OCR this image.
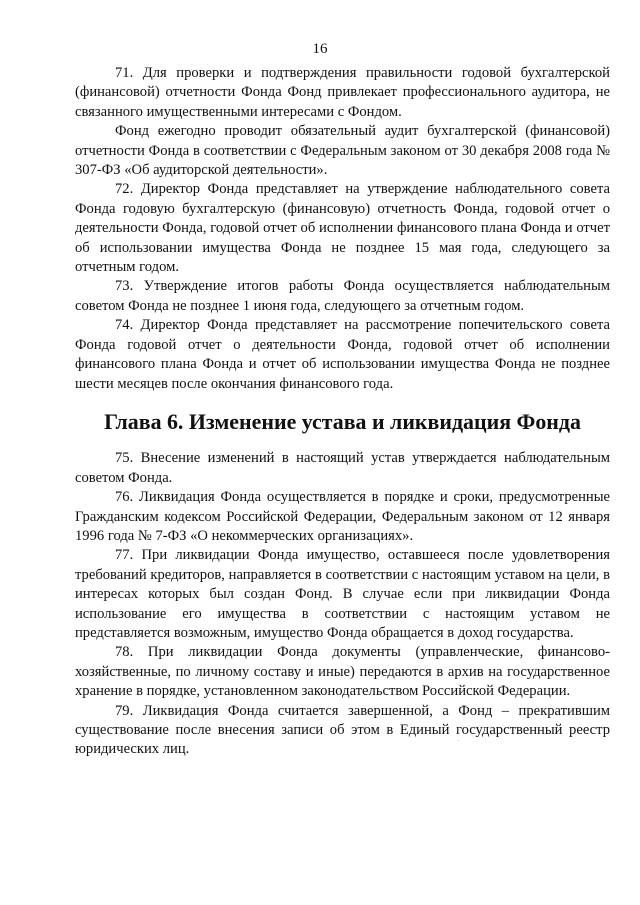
16

71. Для проверки и подтверждения правильности годовой бухгалтерской (финансовой) отчетности Фонда Фонд привлекает профессионального аудитора, не связанного имущественными интересами с Фондом.

Фонд ежегодно проводит обязательный аудит бухгалтерской (финансовой) отчетности Фонда в соответствии с Федеральным законом от 30 декабря 2008 года № 307-ФЗ «Об аудиторской деятельности».

72. Директор Фонда представляет на утверждение наблюдательного совета Фонда годовую бухгалтерскую (финансовую) отчетность Фонда, годовой отчет о деятельности Фонда, годовой отчет об исполнении финансового плана Фонда и отчет об использовании имущества Фонда не позднее 15 мая года, следующего за отчетным годом.

73. Утверждение итогов работы Фонда осуществляется наблюдательным советом Фонда не позднее 1 июня года, следующего за отчетным годом.

74. Директор Фонда представляет на рассмотрение попечительского совета Фонда годовой отчет о деятельности Фонда, годовой отчет об исполнении финансового плана Фонда и отчет об использовании имущества Фонда не позднее шести месяцев после окончания финансового года.

Глава 6. Изменение устава и ликвидация Фонда

75. Внесение изменений в настоящий устав утверждается наблюдательным советом Фонда.

76. Ликвидация Фонда осуществляется в порядке и сроки, предусмотренные Гражданским кодексом Российской Федерации, Федеральным законом от 12 января 1996 года № 7-ФЗ «О некоммерческих организациях».

77. При ликвидации Фонда имущество, оставшееся после удовлетворения требований кредиторов, направляется в соответствии с настоящим уставом на цели, в интересах которых был создан Фонд. В случае если при ликвидации Фонда использование его имущества в соответствии с настоящим уставом не представляется возможным, имущество Фонда обращается в доход государства.

78. При ликвидации Фонда документы (управленческие, финансово-хозяйственные, по личному составу и иные) передаются в архив на государственное хранение в порядке, установленном законодательством Российской Федерации.

79. Ликвидация Фонда считается завершенной, а Фонд – прекратившим существование после внесения записи об этом в Единый государственный реестр юридических лиц.
